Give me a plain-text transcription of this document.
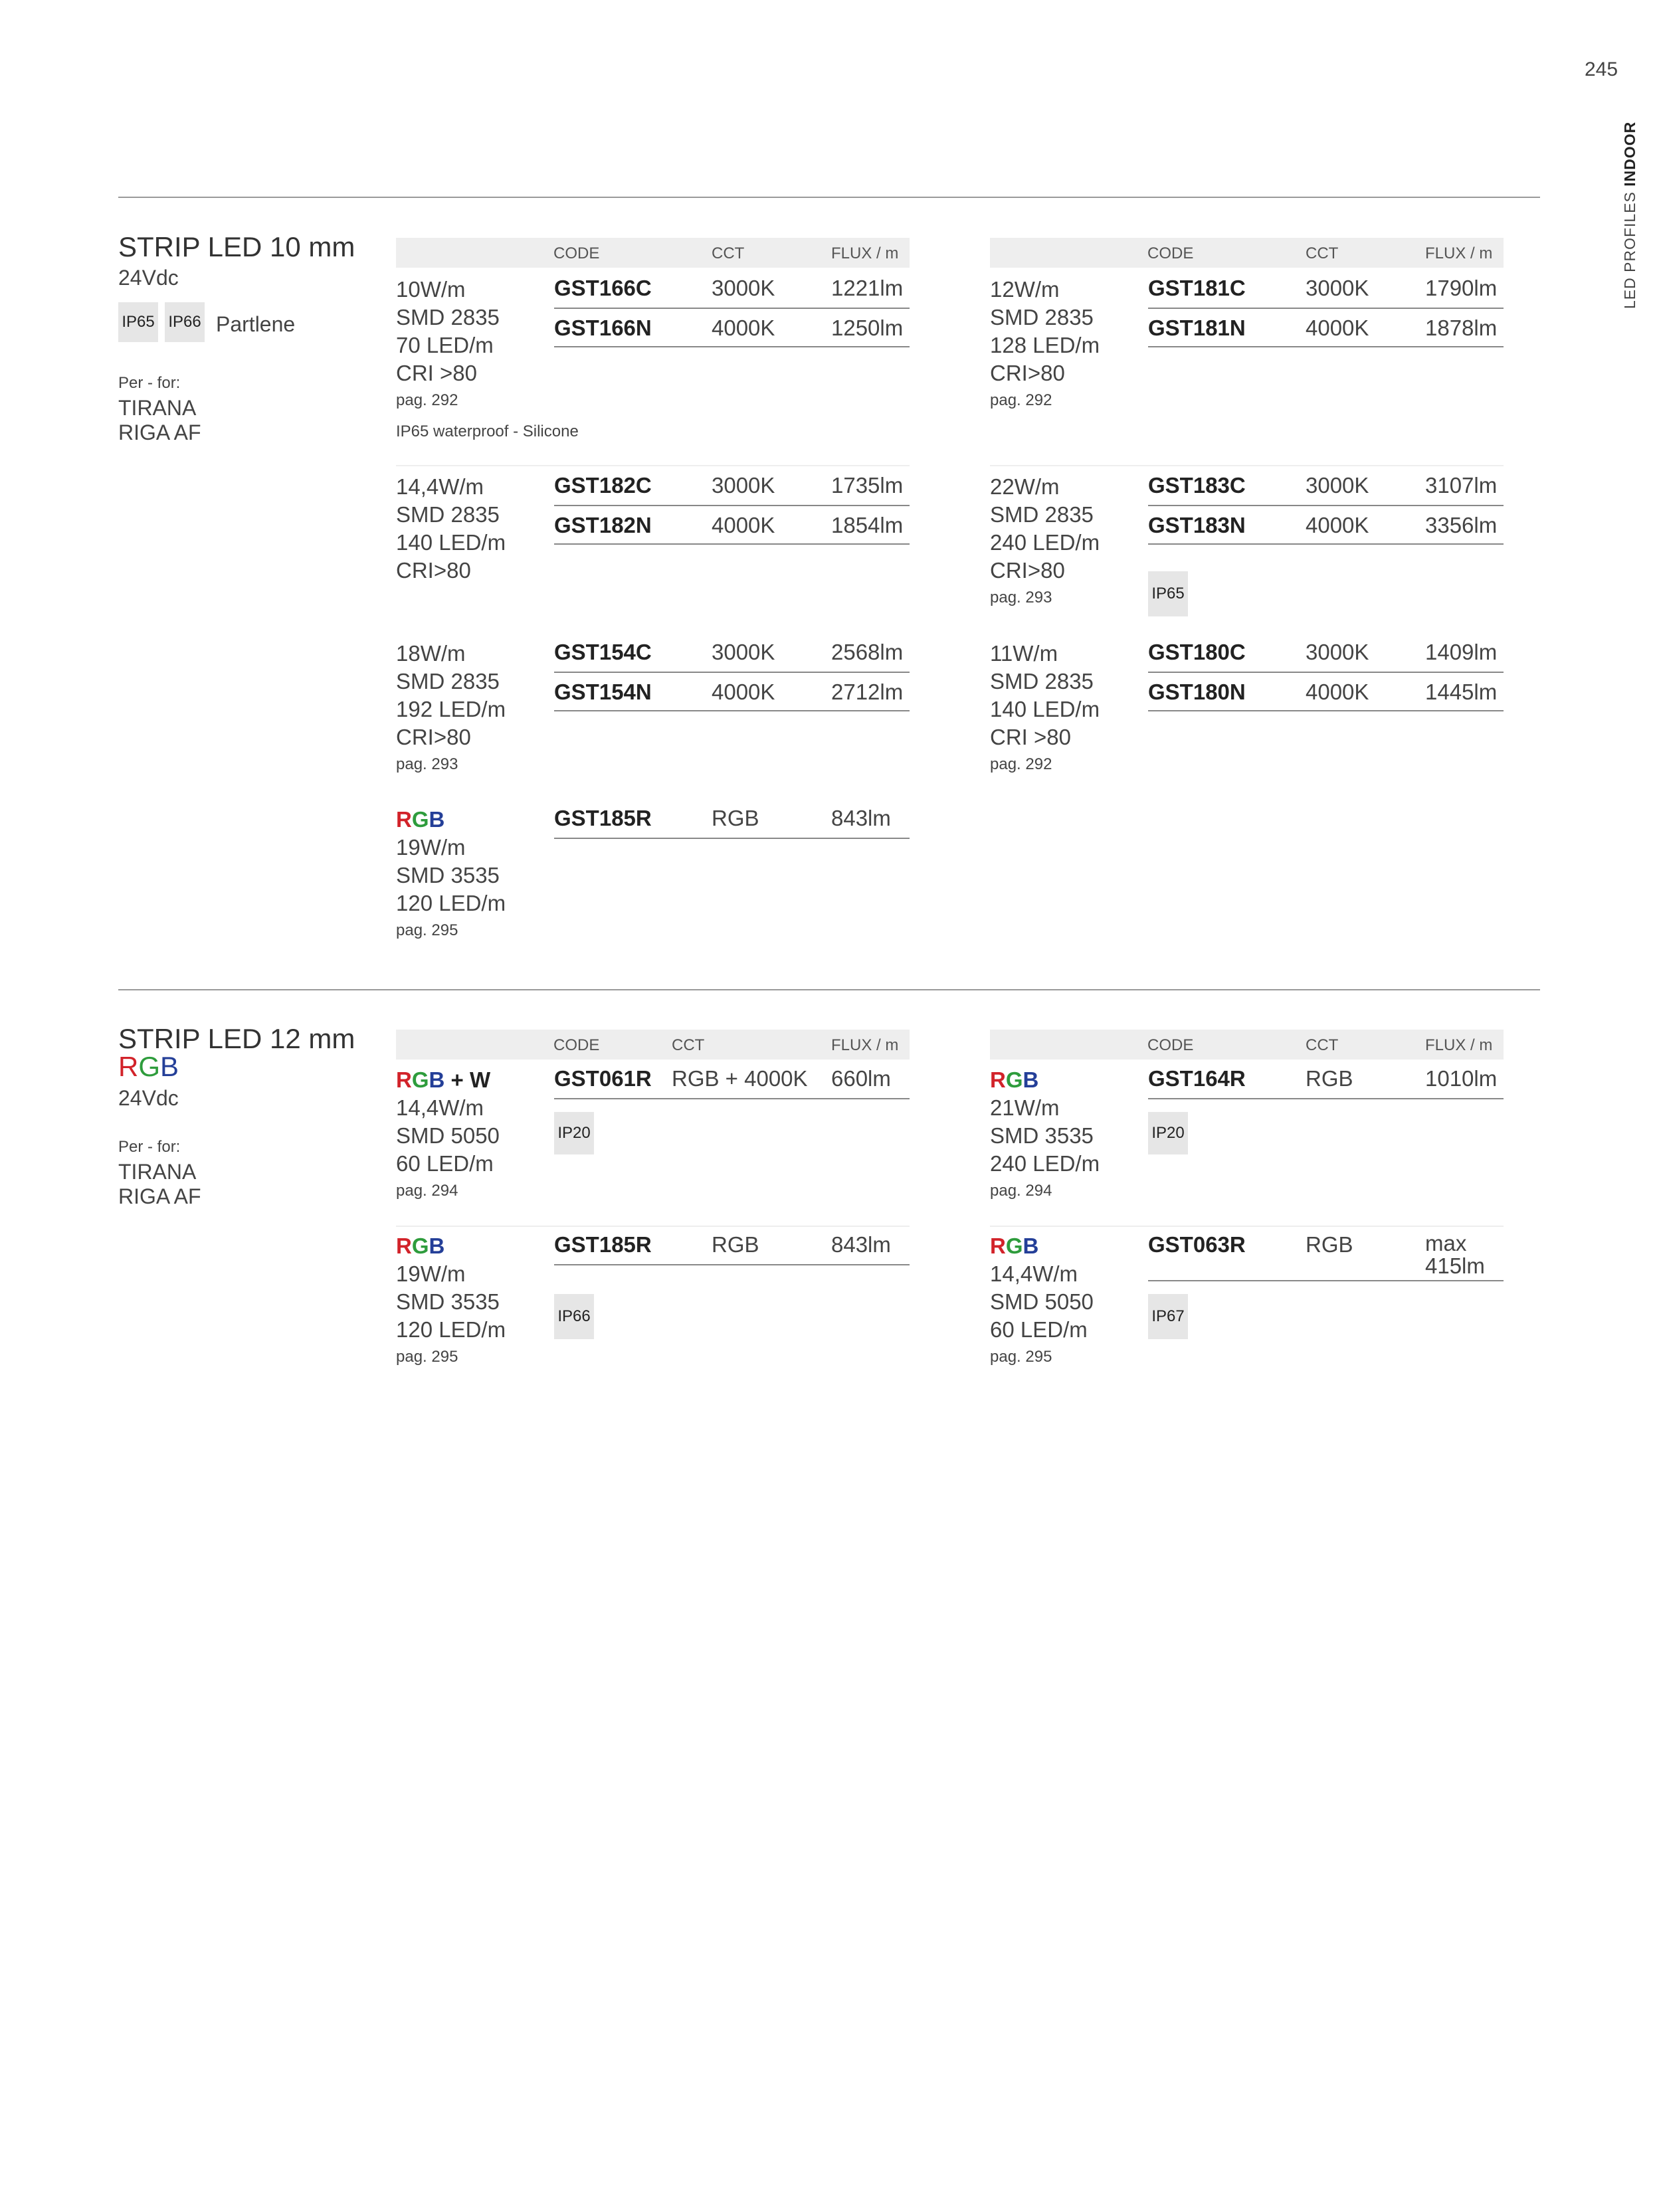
245
LED PROFILES INDOOR
STRIP LED 10 mm
24Vdc
IP65 IP66 Partlene
Per - for:
TIRANA
RIGA AF
CODE	CCT	FLUX / m	CODE	CCT	FLUX / m
10W/m
SMD 2835
70 LED/m
CRI >80
pag. 292
GST166C	3000K	1221lm
GST166N	4000K	1250lm
IP65 waterproof - Silicone
12W/m
SMD 2835
128 LED/m
CRI>80
pag. 292
GST181C	3000K	1790lm
GST181N	4000K	1878lm
14,4W/m
SMD 2835
140 LED/m
CRI>80
GST182C	3000K	1735lm
GST182N	4000K	1854lm
22W/m
SMD 2835
240 LED/m
CRI>80
pag. 293
GST183C	3000K	3107lm
GST183N	4000K	3356lm
IP65
18W/m
SMD 2835
192 LED/m
CRI>80
pag. 293
GST154C	3000K	2568lm
GST154N	4000K	2712lm
11W/m
SMD 2835
140 LED/m
CRI >80
pag. 292
GST180C	3000K	1409lm
GST180N	4000K	1445lm
RGB
19W/m
SMD 3535
120 LED/m
pag. 295
GST185R	RGB	843lm
STRIP LED 12 mm
RGB
24Vdc
Per - for:
TIRANA
RIGA AF
CODE	CCT	FLUX / m	CODE	CCT	FLUX / m
RGB + W
14,4W/m
SMD 5050
60 LED/m
pag. 294
GST061R RGB + 4000K 660lm
IP20
RGB
21W/m
SMD 3535
240 LED/m
pag. 294
GST164R	RGB	1010lm
IP20
RGB
19W/m
SMD 3535
120 LED/m
pag. 295
GST185R	RGB	843lm
IP66
RGB
14,4W/m
SMD 5050
60 LED/m
pag. 295
GST063R	RGB	max
415lm
IP67
